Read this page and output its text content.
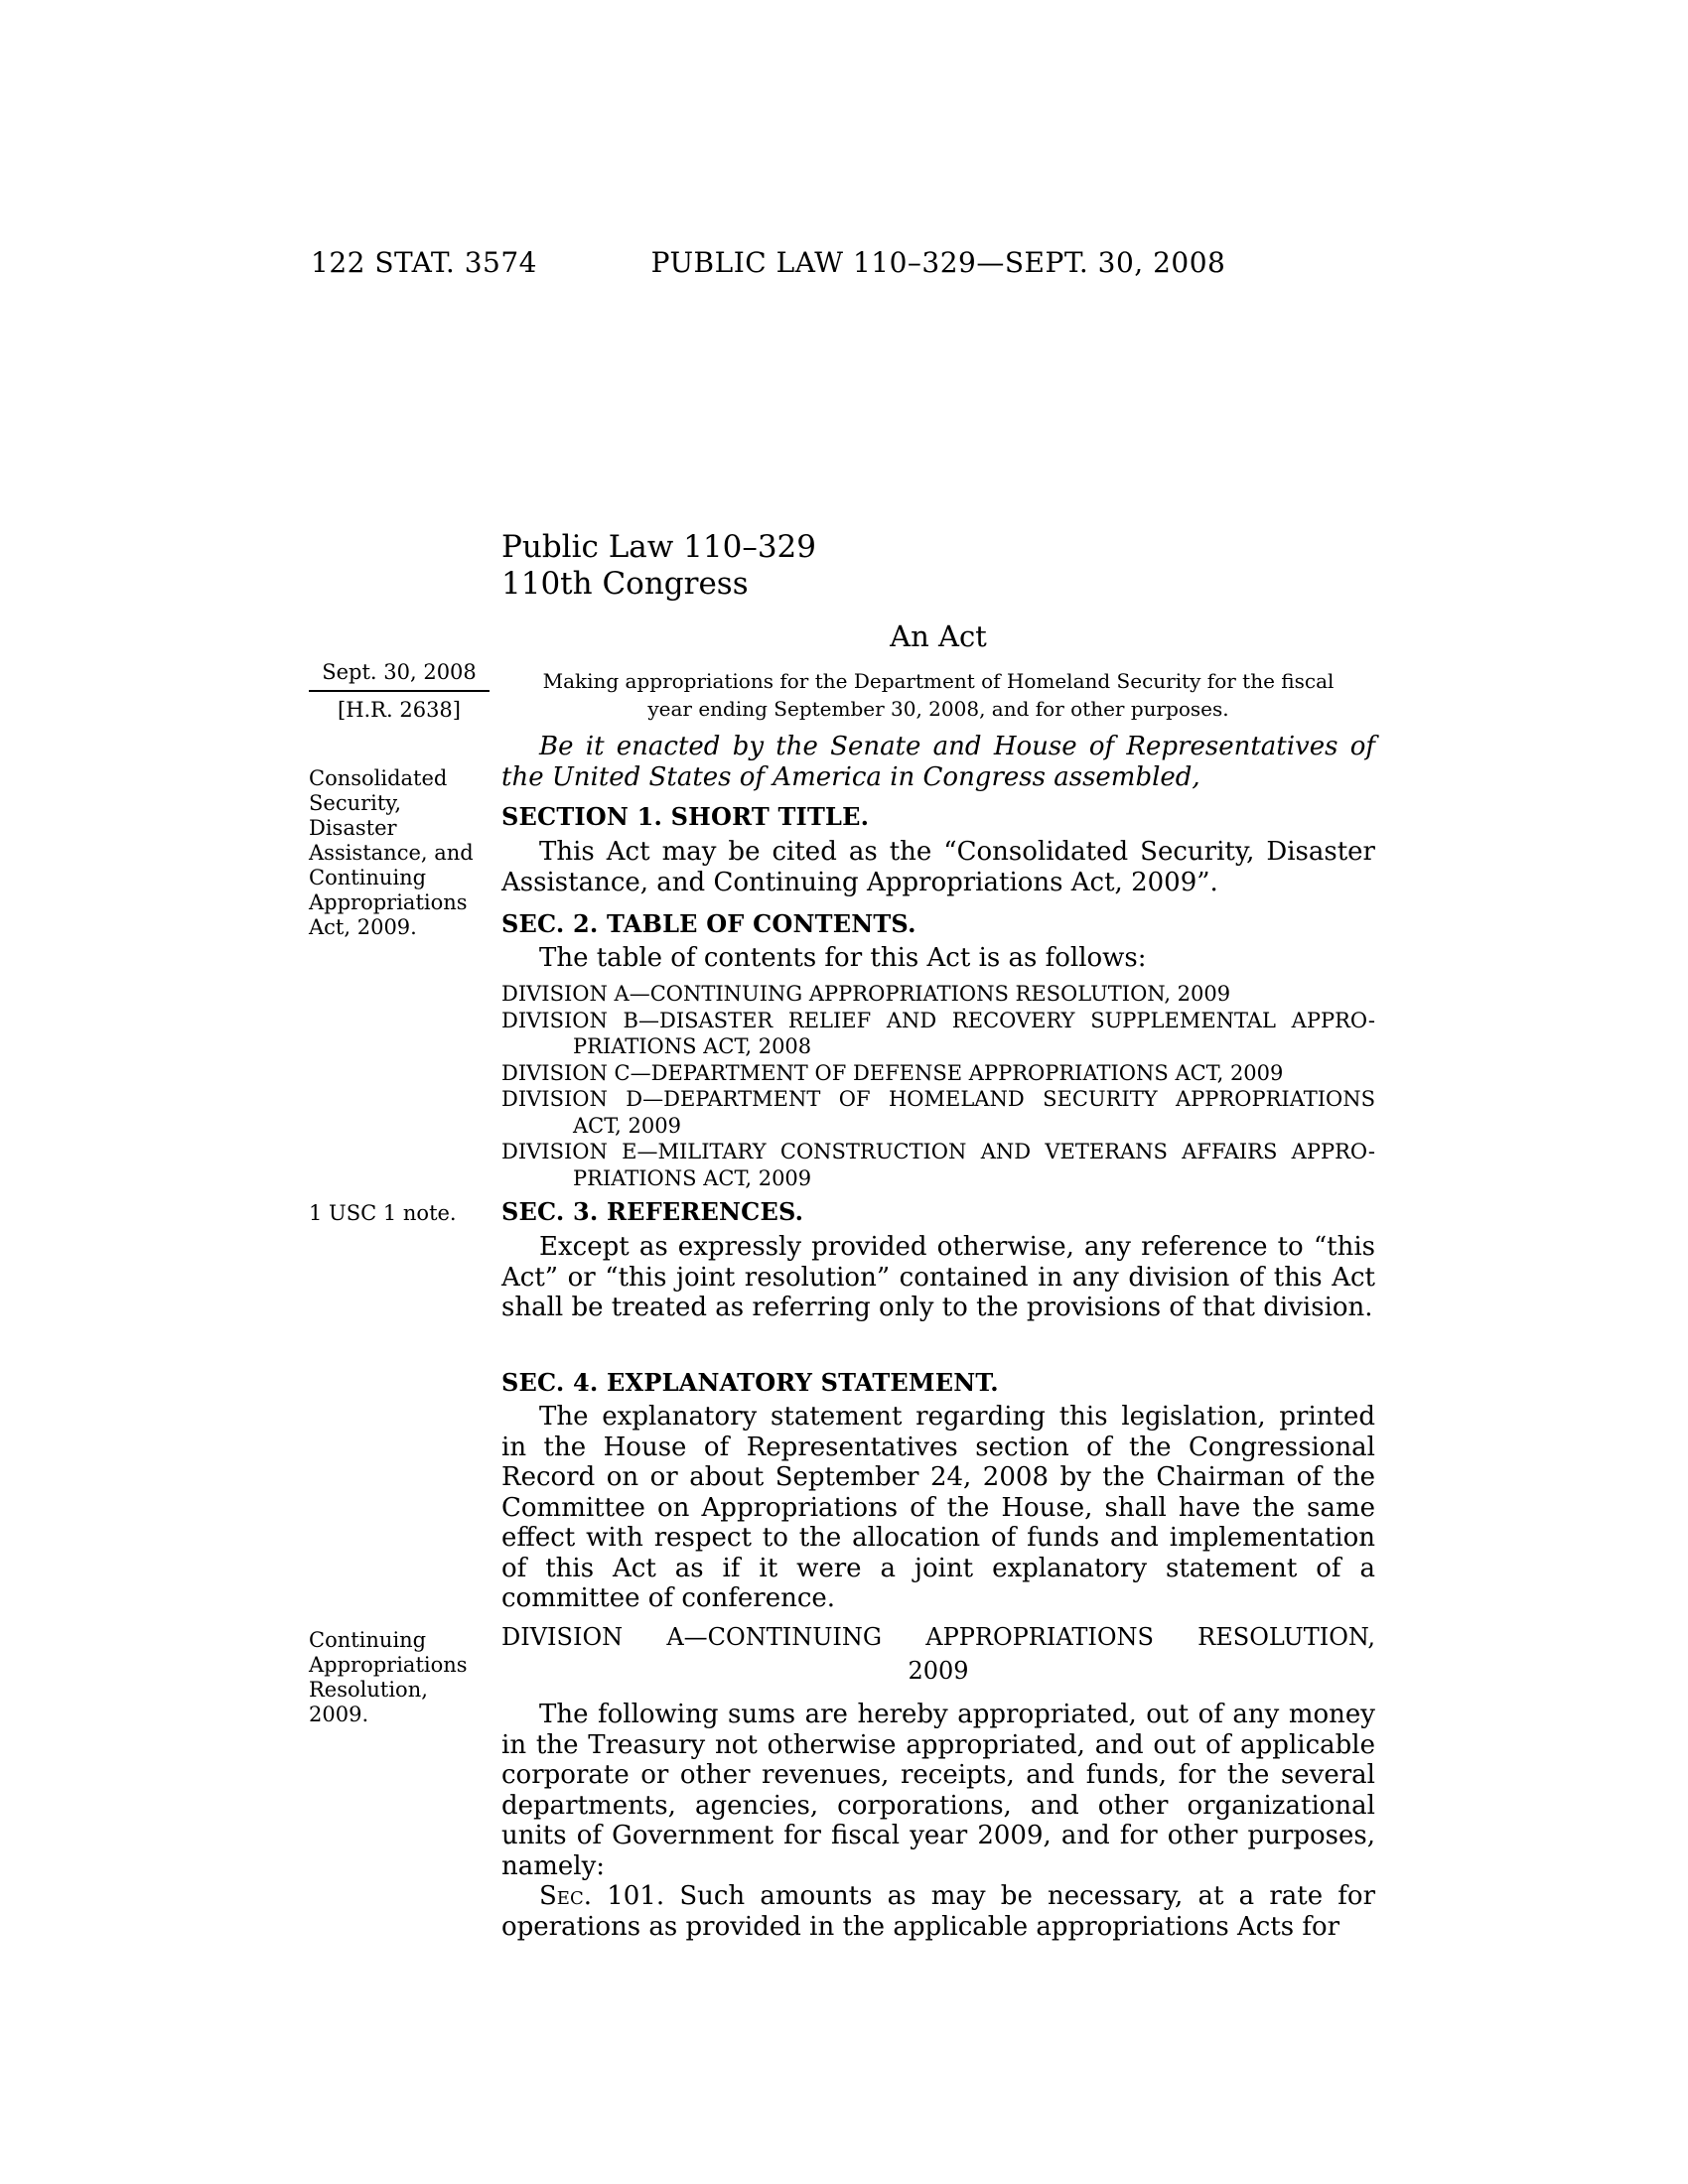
122 STAT. 3574	PUBLIC LAW 110–329—SEPT. 30, 2008
Public Law 110–329
110th Congress
An Act
Making appropriations for the Department of Homeland Security for the fiscal year ending September 30, 2008, and for other purposes.
Sept. 30, 2008
[H.R. 2638]
Be it enacted by the Senate and House of Representatives of the United States of America in Congress assembled,
Consolidated Security, Disaster Assistance, and Continuing Appropriations Act, 2009.
SECTION 1. SHORT TITLE.
This Act may be cited as the “Consolidated Security, Disaster Assistance, and Continuing Appropriations Act, 2009”.
SEC. 2. TABLE OF CONTENTS.
The table of contents for this Act is as follows:
DIVISION A—CONTINUING APPROPRIATIONS RESOLUTION, 2009
DIVISION B—DISASTER RELIEF AND RECOVERY SUPPLEMENTAL APPRO-
PRIATIONS ACT, 2008
DIVISION C—DEPARTMENT OF DEFENSE APPROPRIATIONS ACT, 2009
DIVISION D—DEPARTMENT OF HOMELAND SECURITY APPROPRIATIONS
ACT, 2009
DIVISION E—MILITARY CONSTRUCTION AND VETERANS AFFAIRS APPRO-
PRIATIONS ACT, 2009
1 USC 1 note.	SEC. 3. REFERENCES.
Except as expressly provided otherwise, any reference to “this Act” or “this joint resolution” contained in any division of this Act shall be treated as referring only to the provisions of that division.
SEC. 4. EXPLANATORY STATEMENT.
The explanatory statement regarding this legislation, printed in the House of Representatives section of the Congressional Record on or about September 24, 2008 by the Chairman of the Committee on Appropriations of the House, shall have the same effect with respect to the allocation of funds and implementation of this Act as if it were a joint explanatory statement of a committee of conference.
Continuing Appropriations Resolution, 2009.
DIVISION A—CONTINUING APPROPRIATIONS RESOLUTION,
2009

The following sums are hereby appropriated, out of any money in the Treasury not otherwise appropriated, and out of applicable corporate or other revenues, receipts, and funds, for the several departments, agencies, corporations, and other organizational units of Government for fiscal year 2009, and for other purposes, namely:

Sec. 101. Such amounts as may be necessary, at a rate for operations as provided in the applicable appropriations Acts for
